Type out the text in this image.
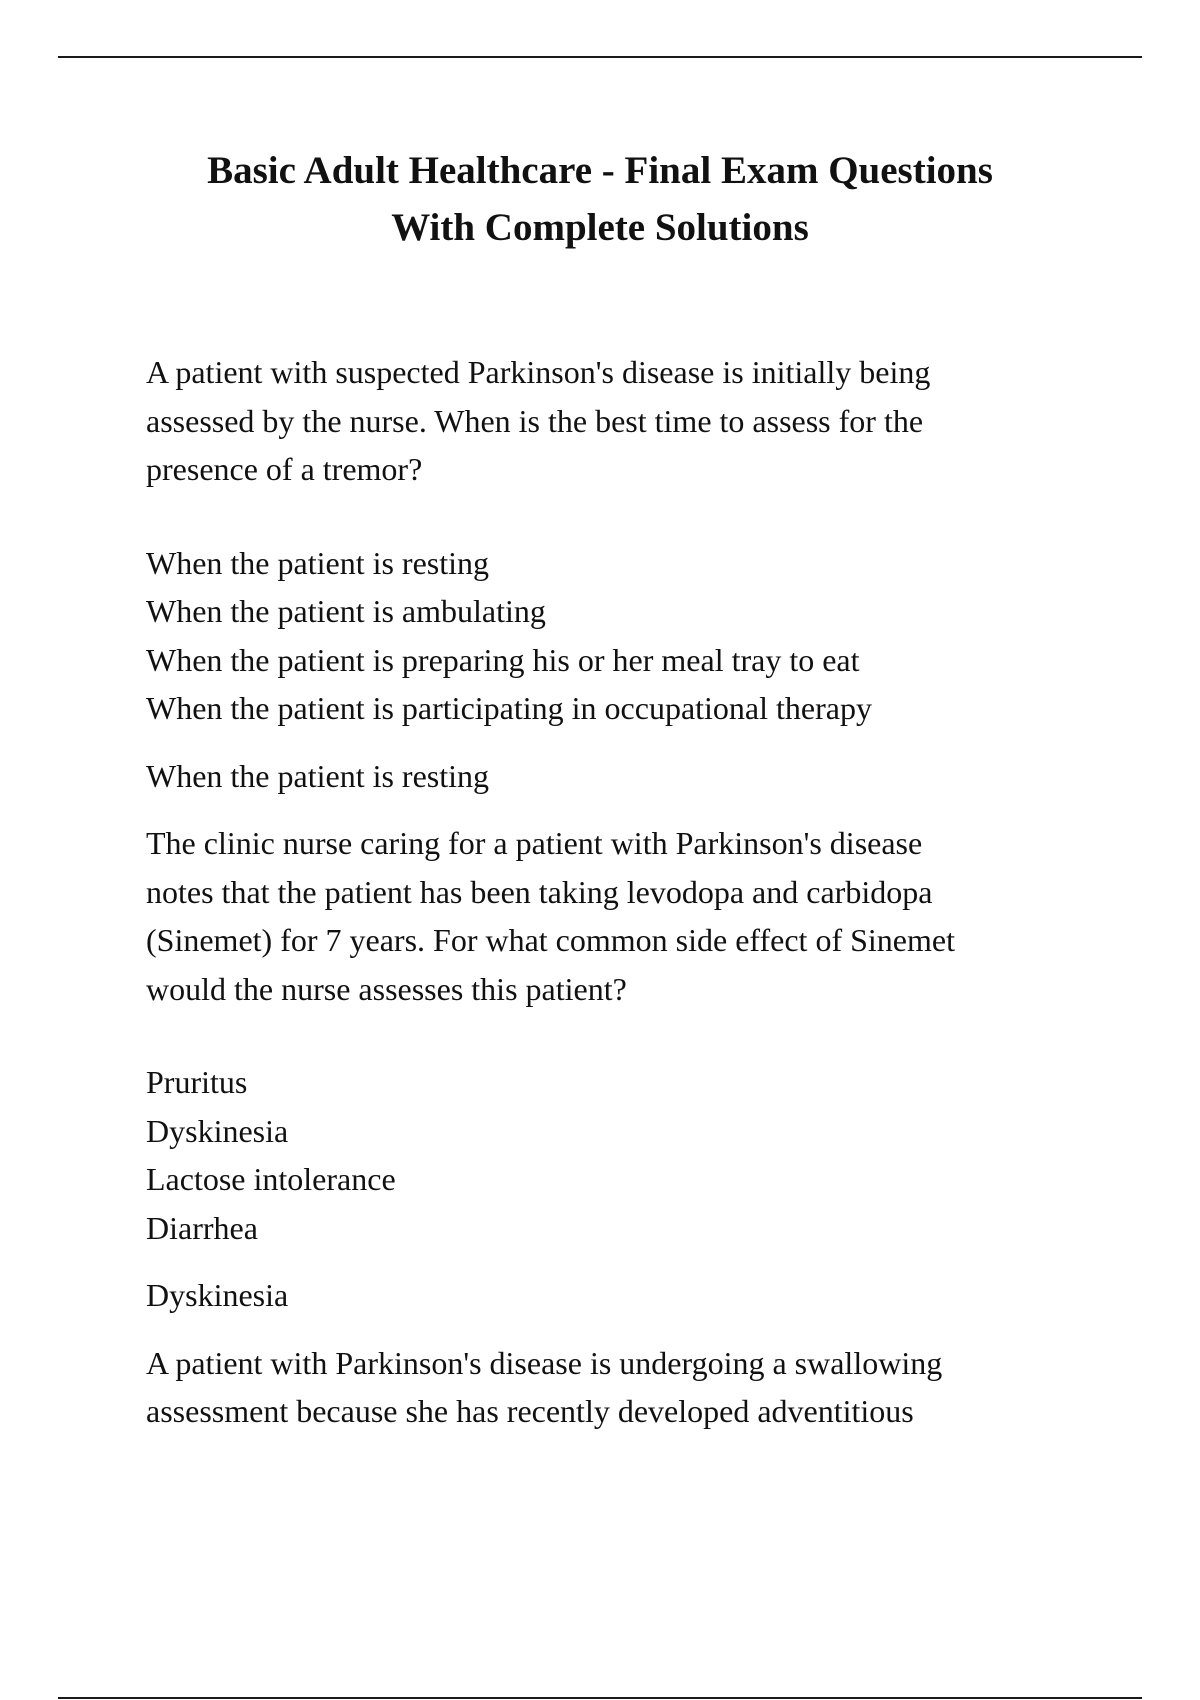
Basic Adult Healthcare - Final Exam Questions
With Complete Solutions
A patient with suspected Parkinson's disease is initially being
assessed by the nurse. When is the best time to assess for the
presence of a tremor?
When the patient is resting
When the patient is ambulating
When the patient is preparing his or her meal tray to eat
When the patient is participating in occupational therapy
When the patient is resting
The clinic nurse caring for a patient with Parkinson's disease
notes that the patient has been taking levodopa and carbidopa
(Sinemet) for 7 years. For what common side effect of Sinemet
would the nurse assesses this patient?
Pruritus
Dyskinesia
Lactose intolerance
Diarrhea
Dyskinesia
A patient with Parkinson's disease is undergoing a swallowing
assessment because she has recently developed adventitious
